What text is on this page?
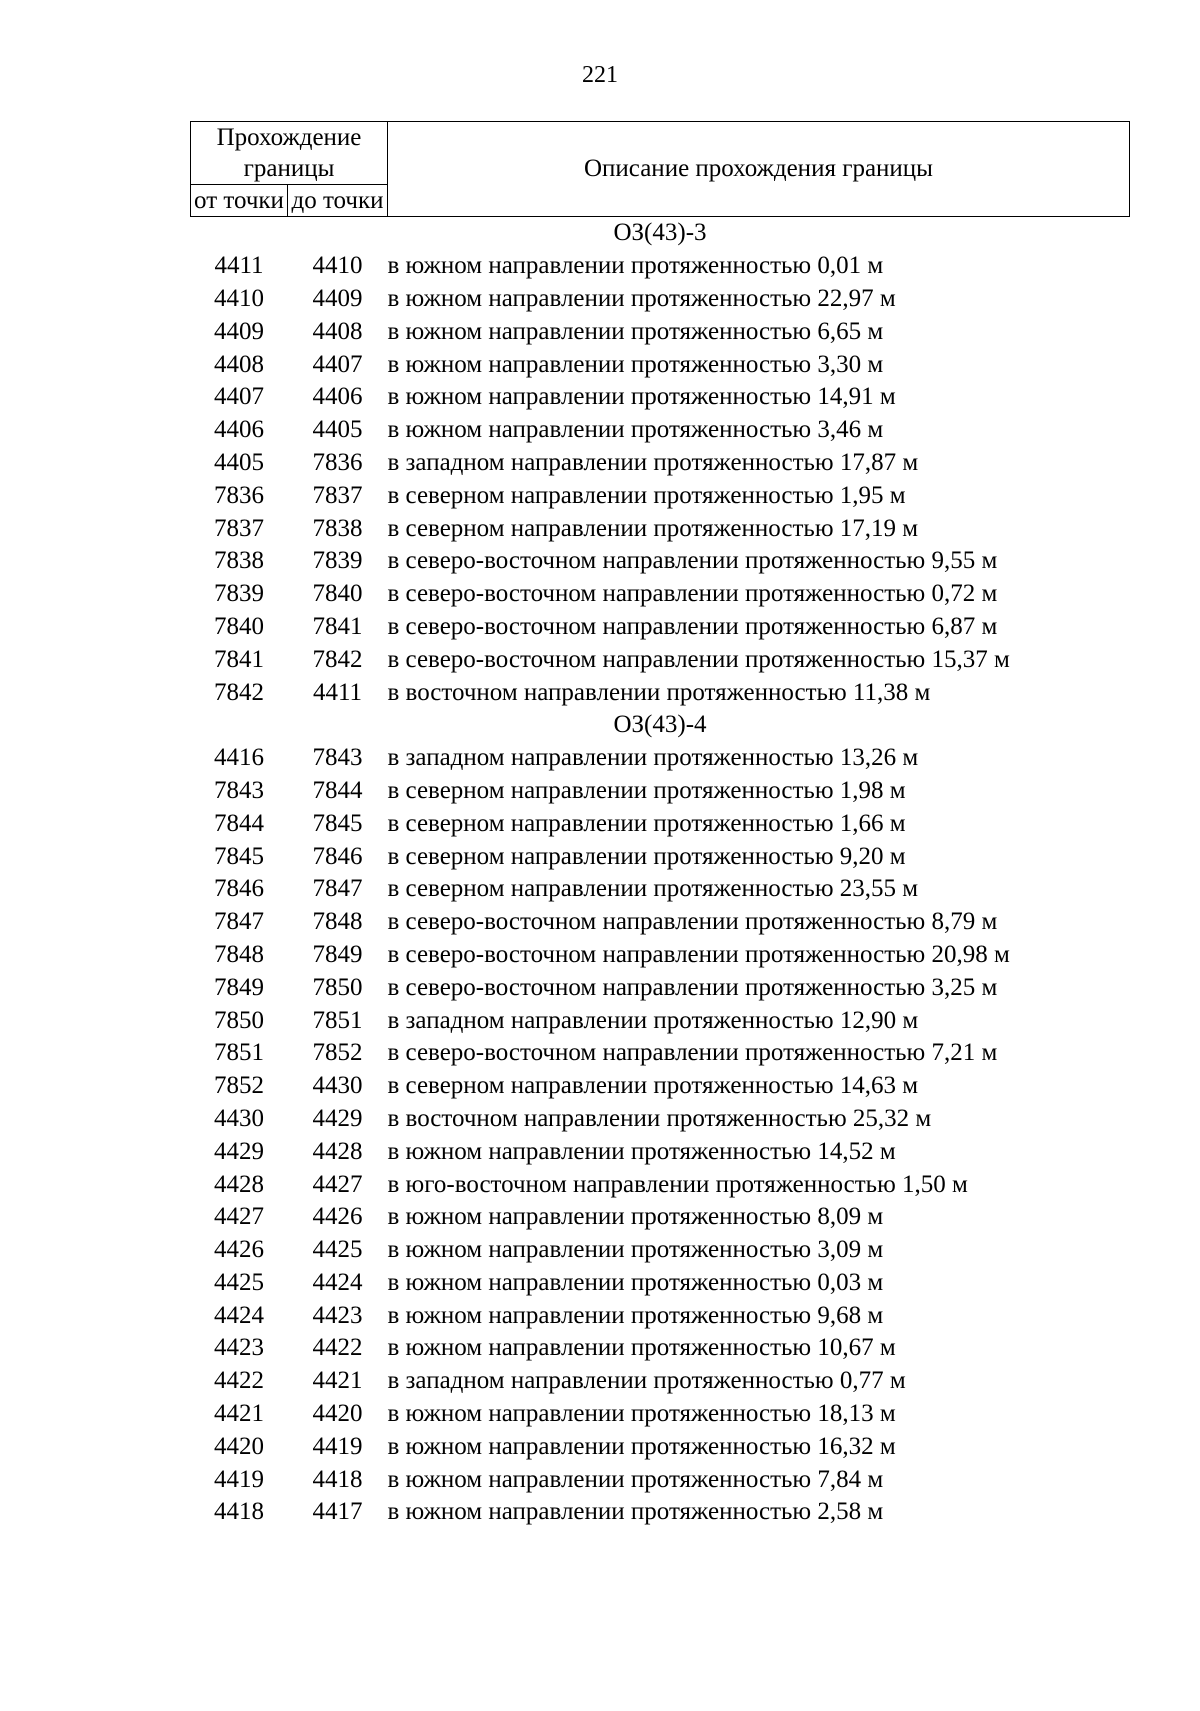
221
Прохождение границы		Описание прохождения границы
от точки	до точки	
ОЗ(43)-3		
4411	4410	в южном направлении протяженностью 0,01 м
4410	4409	в южном направлении протяженностью 22,97 м
4409	4408	в южном направлении протяженностью 6,65 м
4408	4407	в южном направлении протяженностью 3,30 м
4407	4406	в южном направлении протяженностью 14,91 м
4406	4405	в южном направлении протяженностью 3,46 м
4405	7836	в западном направлении протяженностью 17,87 м
7836	7837	в северном направлении протяженностью 1,95 м
7837	7838	в северном направлении протяженностью 17,19 м
7838	7839	в северо-восточном направлении протяженностью 9,55 м
7839	7840	в северо-восточном направлении протяженностью 0,72 м
7840	7841	в северо-восточном направлении протяженностью 6,87 м
7841	7842	в северо-восточном направлении протяженностью 15,37 м
7842	4411	в восточном направлении протяженностью 11,38 м
ОЗ(43)-4		
4416	7843	в западном направлении протяженностью 13,26 м
7843	7844	в северном направлении протяженностью 1,98 м
7844	7845	в северном направлении протяженностью 1,66 м
7845	7846	в северном направлении протяженностью 9,20 м
7846	7847	в северном направлении протяженностью 23,55 м
7847	7848	в северо-восточном направлении протяженностью 8,79 м
7848	7849	в северо-восточном направлении протяженностью 20,98 м
7849	7850	в северо-восточном направлении протяженностью 3,25 м
7850	7851	в западном направлении протяженностью 12,90 м
7851	7852	в северо-восточном направлении протяженностью 7,21 м
7852	4430	в северном направлении протяженностью 14,63 м
4430	4429	в восточном направлении протяженностью 25,32 м
4429	4428	в южном направлении протяженностью 14,52 м
4428	4427	в юго-восточном направлении протяженностью 1,50 м
4427	4426	в южном направлении протяженностью 8,09 м
4426	4425	в южном направлении протяженностью 3,09 м
4425	4424	в южном направлении протяженностью 0,03 м
4424	4423	в южном направлении протяженностью 9,68 м
4423	4422	в южном направлении протяженностью 10,67 м
4422	4421	в западном направлении протяженностью 0,77 м
4421	4420	в южном направлении протяженностью 18,13 м
4420	4419	в южном направлении протяженностью 16,32 м
4419	4418	в южном направлении протяженностью 7,84 м
4418	4417	в южном направлении протяженностью 2,58 м
